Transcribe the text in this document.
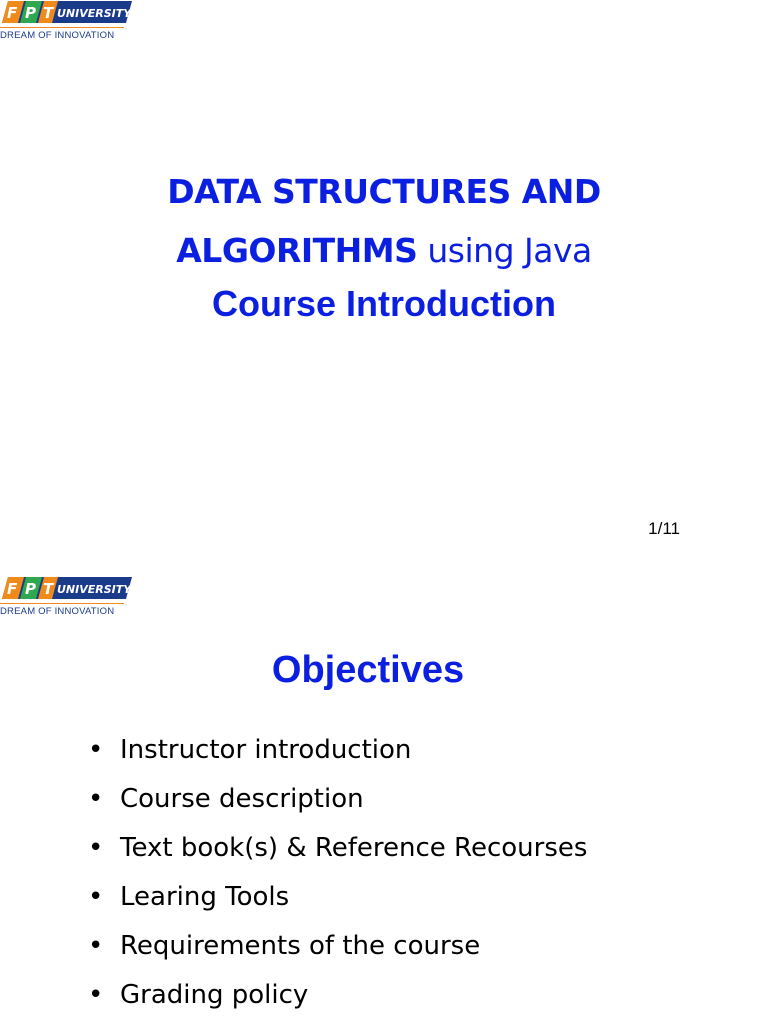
F P T UNIVERSITY
DREAM OF INNOVATION
DATA STRUCTURES AND
ALGORITHMS using Java
Course Introduction
1/11
F P T UNIVERSITY
DREAM OF INNOVATION
Objectives
• Instructor introduction
• Course description
• Text book(s) & Reference Recourses
• Learing Tools
• Requirements of the course
• Grading policy
